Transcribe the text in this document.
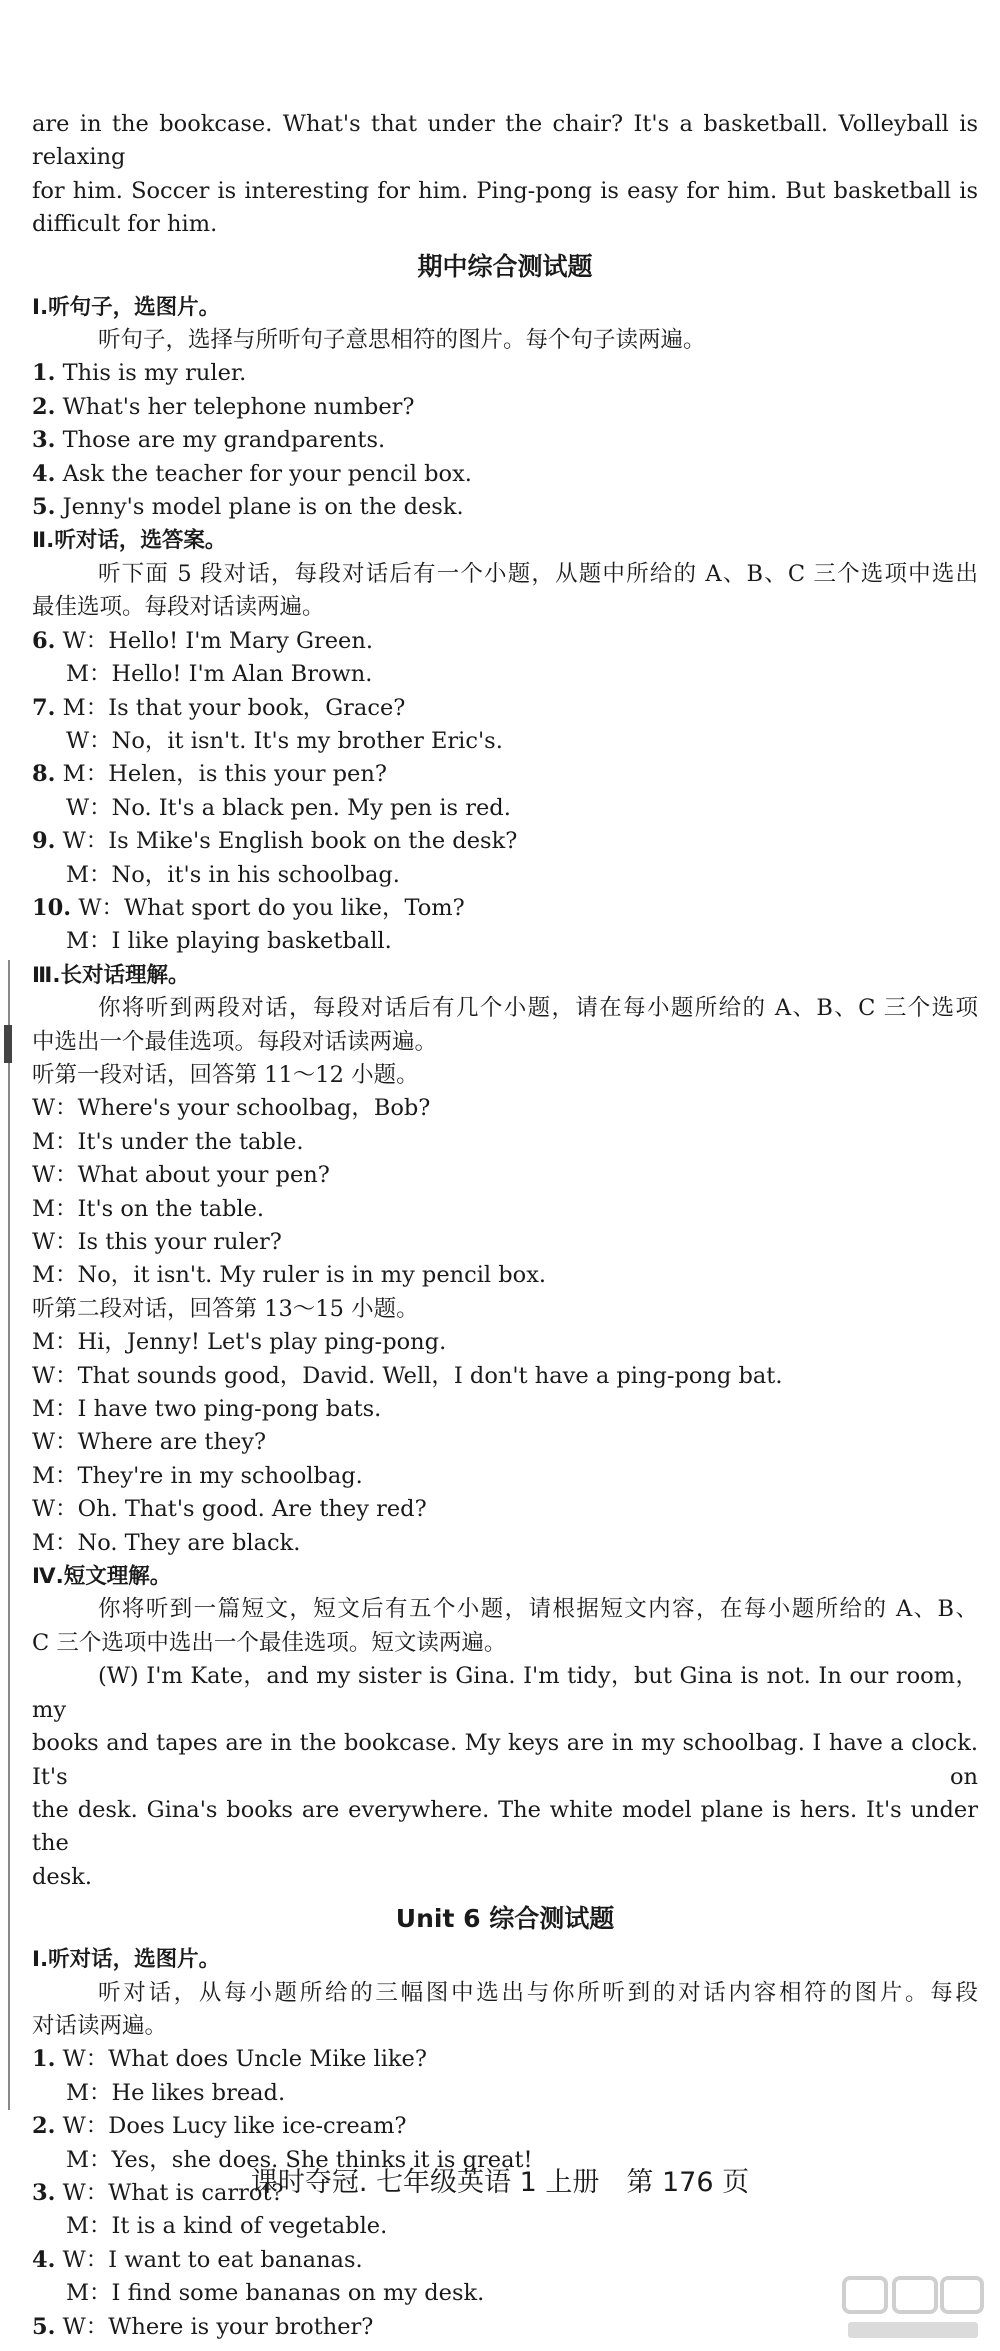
are in the bookcase. What's that under the chair? It's a basketball. Volleyball is relaxing
for him. Soccer is interesting for him. Ping-pong is easy for him. But basketball is
difficult for him.
期中综合测试题
Ⅰ.听句子，选图片。
听句子，选择与所听句子意思相符的图片。每个句子读两遍。
1. This is my ruler.
2. What's her telephone number?
3. Those are my grandparents.
4. Ask the teacher for your pencil box.
5. Jenny's model plane is on the desk.
Ⅱ.听对话，选答案。
听下面 5 段对话，每段对话后有一个小题，从题中所给的 A、B、C 三个选项中选出
最佳选项。每段对话读两遍。
6. W：Hello! I'm Mary Green.
M：Hello! I'm Alan Brown.
7. M：Is that your book，Grace?
W：No，it isn't. It's my brother Eric's.
8. M：Helen，is this your pen?
W：No. It's a black pen. My pen is red.
9. W：Is Mike's English book on the desk?
M：No，it's in his schoolbag.
10. W：What sport do you like，Tom?
M：I like playing basketball.
Ⅲ.长对话理解。
你将听到两段对话，每段对话后有几个小题，请在每小题所给的 A、B、C 三个选项
中选出一个最佳选项。每段对话读两遍。
听第一段对话，回答第 11～12 小题。
W：Where's your schoolbag，Bob?
M：It's under the table.
W：What about your pen?
M：It's on the table.
W：Is this your ruler?
M：No，it isn't. My ruler is in my pencil box.
听第二段对话，回答第 13～15 小题。
M：Hi，Jenny! Let's play ping-pong.
W：That sounds good，David. Well，I don't have a ping-pong bat.
M：I have two ping-pong bats.
W：Where are they?
M：They're in my schoolbag.
W：Oh. That's good. Are they red?
M：No. They are black.
Ⅳ.短文理解。
你将听到一篇短文，短文后有五个小题，请根据短文内容，在每小题所给的 A、B、
C 三个选项中选出一个最佳选项。短文读两遍。
(W) I'm Kate，and my sister is Gina. I'm tidy，but Gina is not. In our room，my
books and tapes are in the bookcase. My keys are in my schoolbag. I have a clock. It's on
the desk. Gina's books are everywhere. The white model plane is hers. It's under the
desk.
Unit 6 综合测试题
Ⅰ.听对话，选图片。
听对话，从每小题所给的三幅图中选出与你所听到的对话内容相符的图片。每段
对话读两遍。
1. W：What does Uncle Mike like?
M：He likes bread.
2. W：Does Lucy like ice-cream?
M：Yes，she does. She thinks it is great!
3. W：What is carrot?
M：It is a kind of vegetable.
4. W：I want to eat bananas.
M：I find some bananas on my desk.
5. W：Where is your brother?
课时夺冠. 七年级英语 1 上册　第 176 页
